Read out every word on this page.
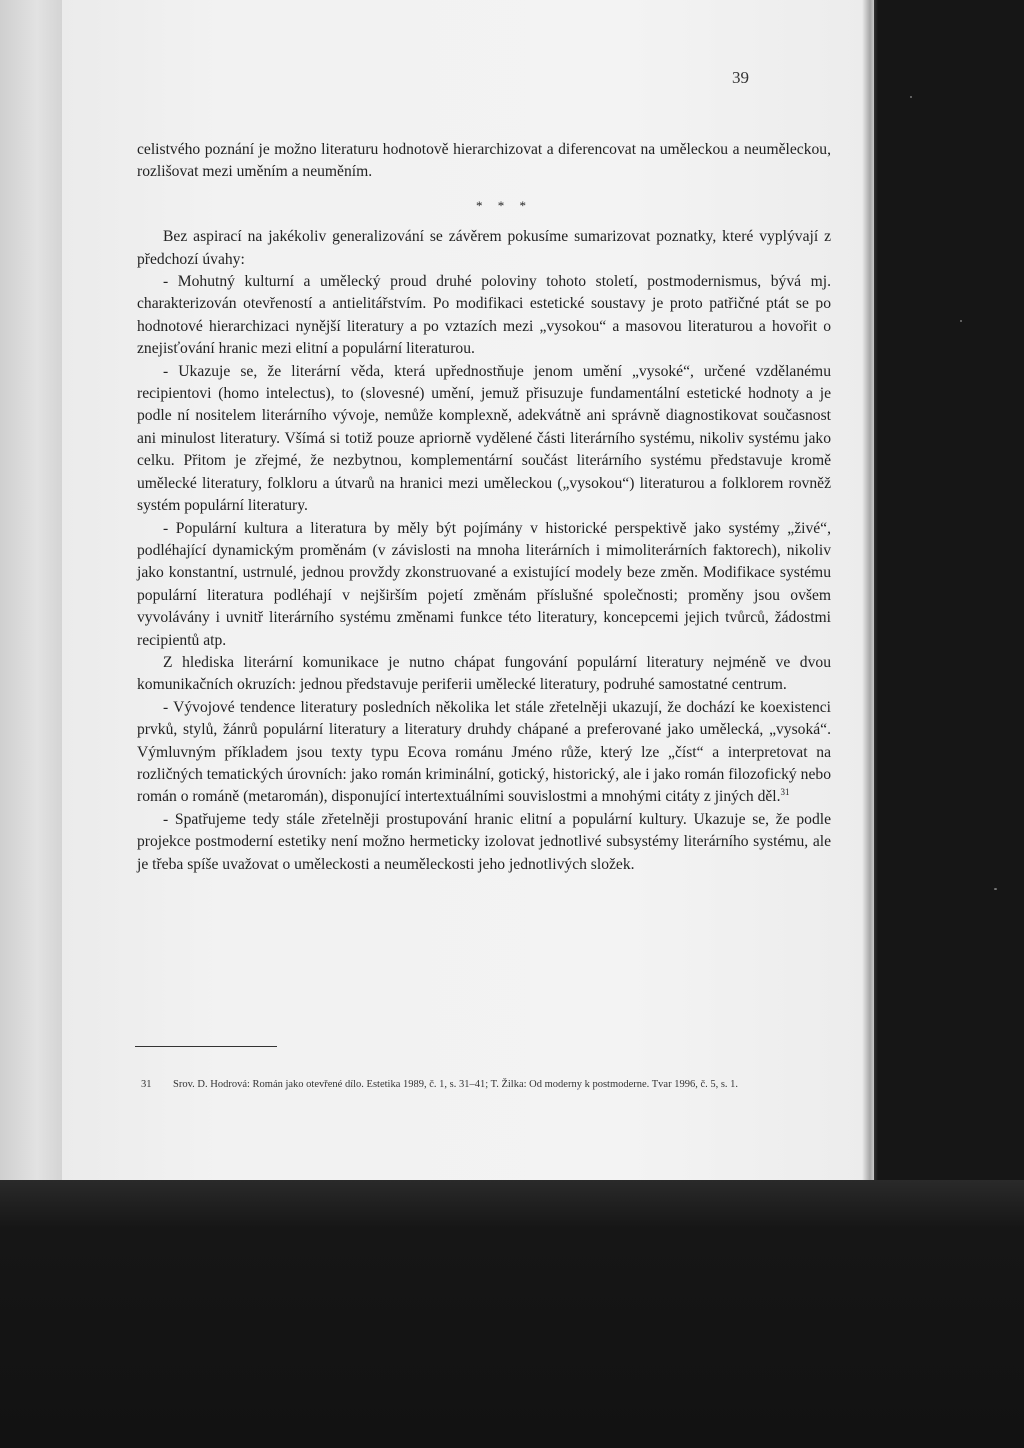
39

celistvého poznání je možno literaturu hodnotově hierarchizovat a diferencovat na uměleckou a neuměleckou, rozlišovat mezi uměním a neuměním.

* * *

Bez aspirací na jakékoliv generalizování se závěrem pokusíme sumarizovat poznatky, které vyplývají z předchozí úvahy:

- Mohutný kulturní a umělecký proud druhé poloviny tohoto století, postmodernismus, bývá mj. charakterizován otevřeností a antielitářstvím. Po modifikaci estetické soustavy je proto patřičné ptát se po hodnotové hierarchizaci nynější literatury a po vztazích mezi „vysokou“ a masovou literaturou a hovořit o znejisťování hranic mezi elitní a populární literaturou.

- Ukazuje se, že literární věda, která upřednostňuje jenom umění „vysoké“, určené vzdělanému recipientovi (homo intelectus), to (slovesné) umění, jemuž přisuzuje fundamentální estetické hodnoty a je podle ní nositelem literárního vývoje, nemůže komplexně, adekvátně ani správně diagnostikovat současnost ani minulost literatury. Všímá si totiž pouze apriorně vydělené části literárního systému, nikoliv systému jako celku. Přitom je zřejmé, že nezbytnou, komplementární součást literárního systému představuje kromě umělecké literatury, folkloru a útvarů na hranici mezi uměleckou („vysokou“) literaturou a folklorem rovněž systém populární literatury.

- Populární kultura a literatura by měly být pojímány v historické perspektivě jako systémy „živé“, podléhající dynamickým proměnám (v závislosti na mnoha literárních i mimoliterárních faktorech), nikoliv jako konstantní, ustrnulé, jednou provždy zkonstruované a existující modely beze změn. Modifikace systému populární literatura podléhají v nejširším pojetí změnám příslušné společnosti; proměny jsou ovšem vyvolávány i uvnitř literárního systému změnami funkce této literatury, koncepcemi jejich tvůrců, žádostmi recipientů atp.

Z hlediska literární komunikace je nutno chápat fungování populární literatury nejméně ve dvou komunikačních okruzích: jednou představuje periferii umělecké literatury, podruhé samostatné centrum.

- Vývojové tendence literatury posledních několika let stále zřetelněji ukazují, že dochází ke koexistenci prvků, stylů, žánrů populární literatury a literatury druhdy chápané a preferované jako umělecká, „vysoká“. Výmluvným příkladem jsou texty typu Ecova románu Jméno růže, který lze „číst“ a interpretovat na rozličných tematických úrovních: jako román kriminální, gotický, historický, ale i jako román filozofický nebo román o románě (metaromán), disponující intertextuálními souvislostmi a mnohými citáty z jiných děl.$^{31}$

- Spatřujeme tedy stále zřetelněji prostupování hranic elitní a populární kultury. Ukazuje se, že podle projekce postmoderní estetiky není možno hermeticky izolovat jednotlivé subsystémy literárního systému, ale je třeba spíše uvažovat o uměleckosti a neuměleckosti jeho jednotlivých složek.

31 Srov. D. Hodrová: Román jako otevřené dílo. Estetika 1989, č. 1, s. 31–41; T. Žilka: Od moderny k postmoderne. Tvar 1996, č. 5, s. 1.
